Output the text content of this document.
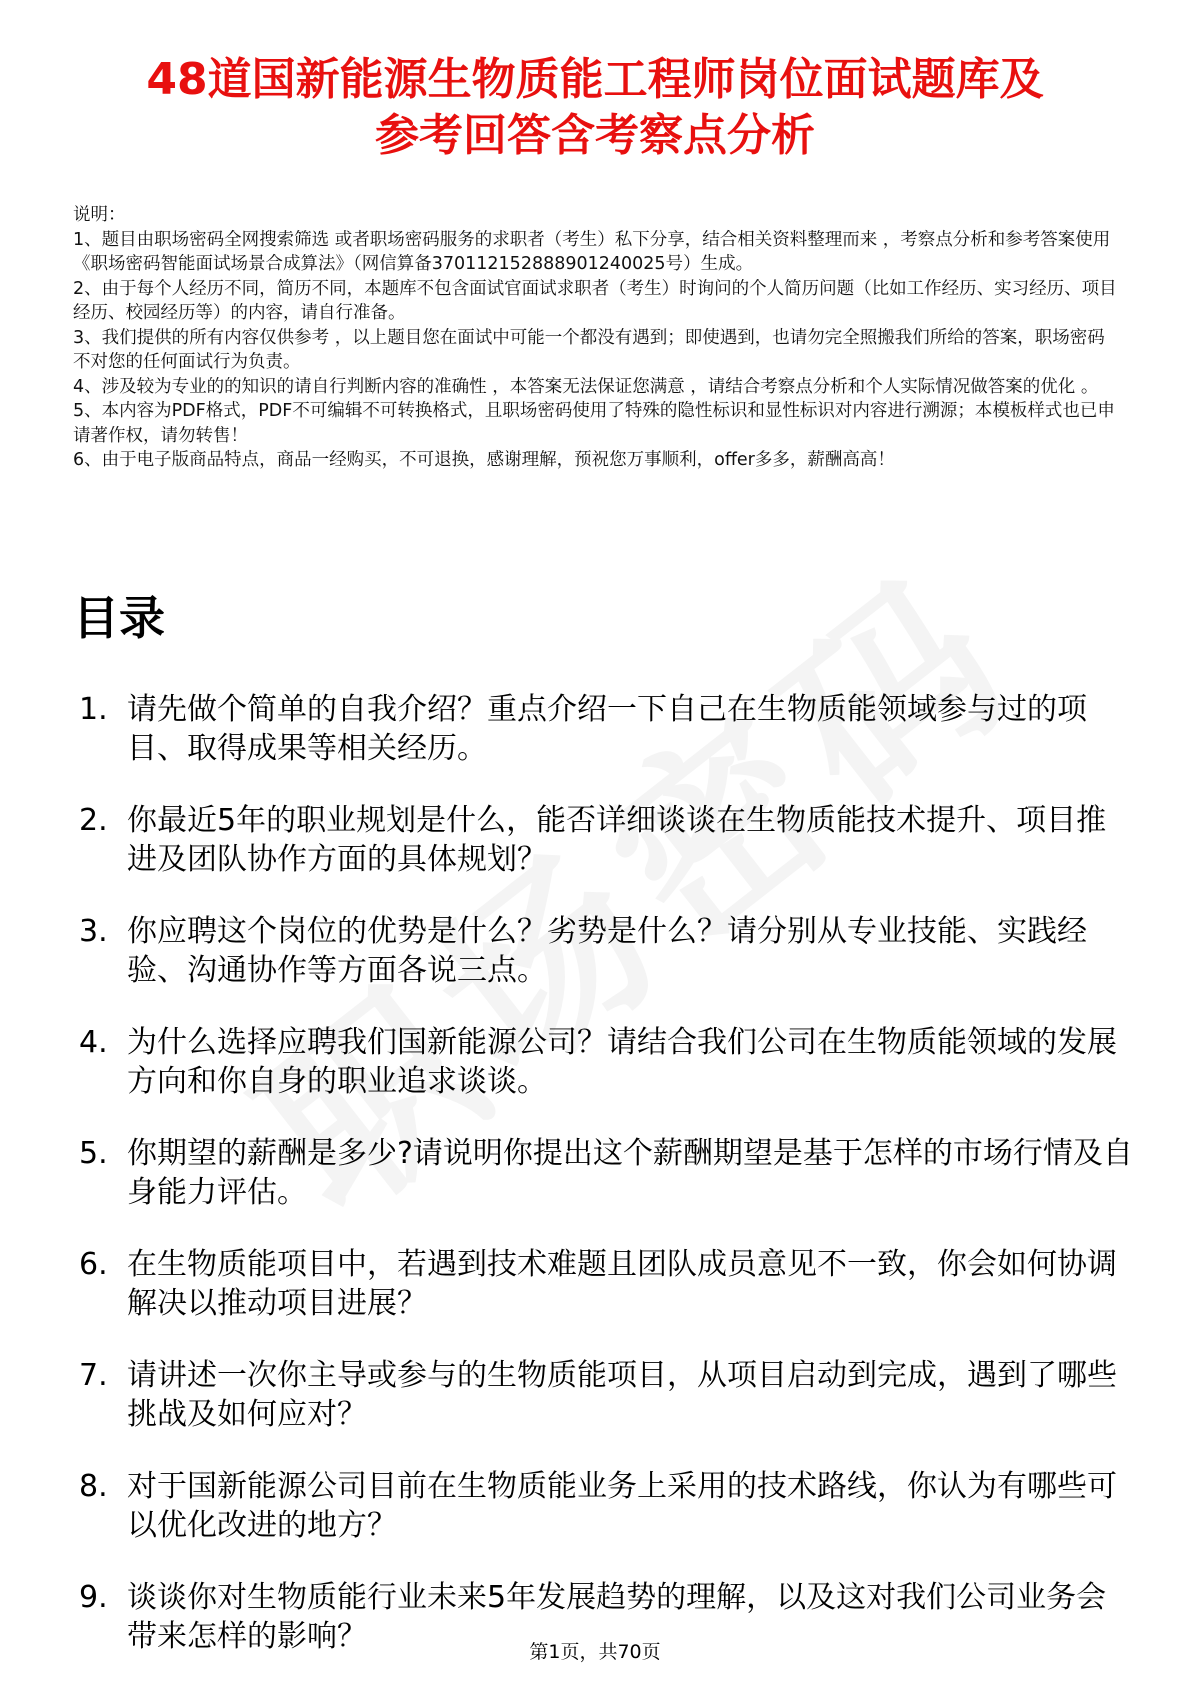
48道国新能源生物质能工程师岗位面试题库及
参考回答含考察点分析

说明：

1、题目由职场密码全网搜索筛选 或者职场密码服务的求职者（考生）私下分享，结合相关资料整理而来 ，考察点分析和参考答案使用《职场密码智能面试场景合成算法》（网信算备370112152888901240025号）生成。

2、由于每个人经历不同，简历不同，本题库不包含面试官面试求职者（考生）时询问的个人简历问题（比如工作经历、实习经历、项目经历、校园经历等）的内容，请自行准备。

3、我们提供的所有内容仅供参考 ，以上题目您在面试中可能一个都没有遇到；即使遇到，也请勿完全照搬我们所给的答案，职场密码不对您的任何面试行为负责。

4、涉及较为专业的的知识的请自行判断内容的准确性 ，本答案无法保证您满意 ，请结合考察点分析和个人实际情况做答案的优化 。

5、本内容为PDF格式，PDF不可编辑不可转换格式，且职场密码使用了特殊的隐性标识和显性标识对内容进行溯源；本模板样式也已申请著作权，请勿转售！

6、由于电子版商品特点，商品一经购买，不可退换，感谢理解，预祝您万事顺利，offer多多，薪酬高高！

目录
1. 请先做个简单的自我介绍？重点介绍一下自己在生物质能领域参与过的项目、取得成果等相关经历。
2. 你最近5年的职业规划是什么，能否详细谈谈在生物质能技术提升、项目推进及团队协作方面的具体规划？
3. 你应聘这个岗位的优势是什么？劣势是什么？请分别从专业技能、实践经验、沟通协作等方面各说三点。
4. 为什么选择应聘我们国新能源公司？请结合我们公司在生物质能领域的发展方向和你自身的职业追求谈谈。
5. 你期望的薪酬是多少?请说明你提出这个薪酬期望是基于怎样的市场行情及自身能力评估。
6. 在生物质能项目中，若遇到技术难题且团队成员意见不一致，你会如何协调解决以推动项目进展？
7. 请讲述一次你主导或参与的生物质能项目，从项目启动到完成，遇到了哪些挑战及如何应对？
8. 对于国新能源公司目前在生物质能业务上采用的技术路线，你认为有哪些可以优化改进的地方？
9. 谈谈你对生物质能行业未来5年发展趋势的理解，以及这对我们公司业务会带来怎样的影响？	第1页，共70页
